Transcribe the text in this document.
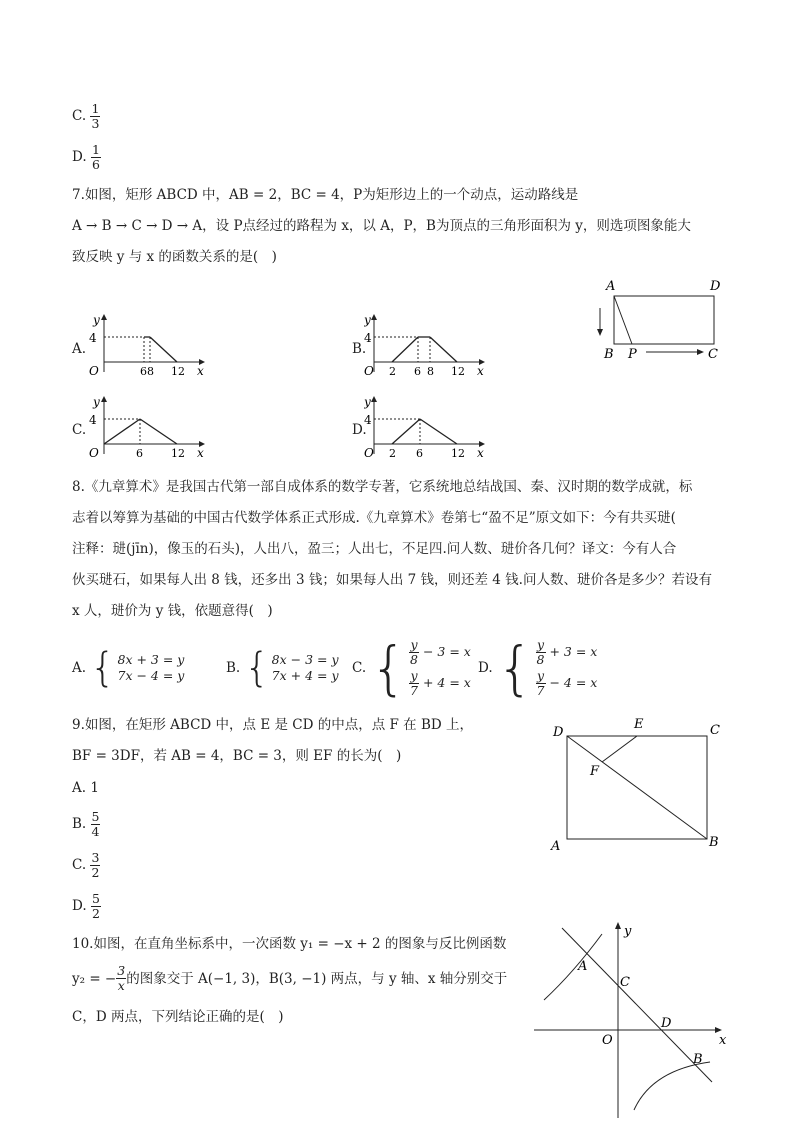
C. $\frac{1}{3}$
D. $\frac{1}{6}$
7.如图，矩形 ABCD 中，AB = 2，BC = 4，P为矩形边上的一个动点，运动路线是
A → B → C → D → A，设 P点经过的路程为 x，以 A，P，B为顶点的三角形面积为 y，则选项图象能大
致反映 y 与 x 的函数关系的是(　)
A.
y
4
O	6 8 12 x
B.
y
4
O 2 6 8 12 x
A	D
B P	C
C.
y
4
O	6	12 x
D.
y
4
O 2 6	12 x
8.《九章算术》是我国古代第一部自成体系的数学专著，它系统地总结战国、秦、汉时期的数学成就，标
志着以筹算为基础的中国古代数学体系正式形成.《九章算术》卷第七“盈不足”原文如下：今有共买琎(
注释：琎(jīn)，像玉的石头)，人出八，盈三；人出七，不足四.问人数、琎价各几何？译文：今有人合
伙买琎石，如果每人出 8 钱，还多出 3 钱；如果每人出 7 钱，则还差 4 钱.问人数、琎价各是多少？若设有
x 人，琎价为 y 钱，依题意得(　)
A. { 8x + 3 = y
7x − 4 = y	B. { 8x − 3 = y
7x + 4 = y C. { $\frac{y}{8} - 3 = x$
$\frac{y}{7} + 4 = x$
D. { $\frac{y}{8} + 3 = x$
$\frac{y}{7} - 4 = x$
9.如图，在矩形 ABCD 中，点 E 是 CD 的中点，点 F 在 BD 上，
BF = 3DF，若 AB = 4，BC = 3，则 EF 的长为(　)
A. 1
B. $\frac{5}{4}$
C. $\frac{3}{2}$
D. $\frac{5}{2}$
D
E	C
F
A	B
10.如图，在直角坐标系中，一次函数 y₁ = −x + 2 的图象与反比例函数
y₂ = − $\frac{3}{x}$ 的图象交于 A(−1, 3)，B(3, −1) 两点，与 y 轴、x 轴分别交于
C，D 两点，下列结论正确的是(　)
y
x
O
A
C
D
B
